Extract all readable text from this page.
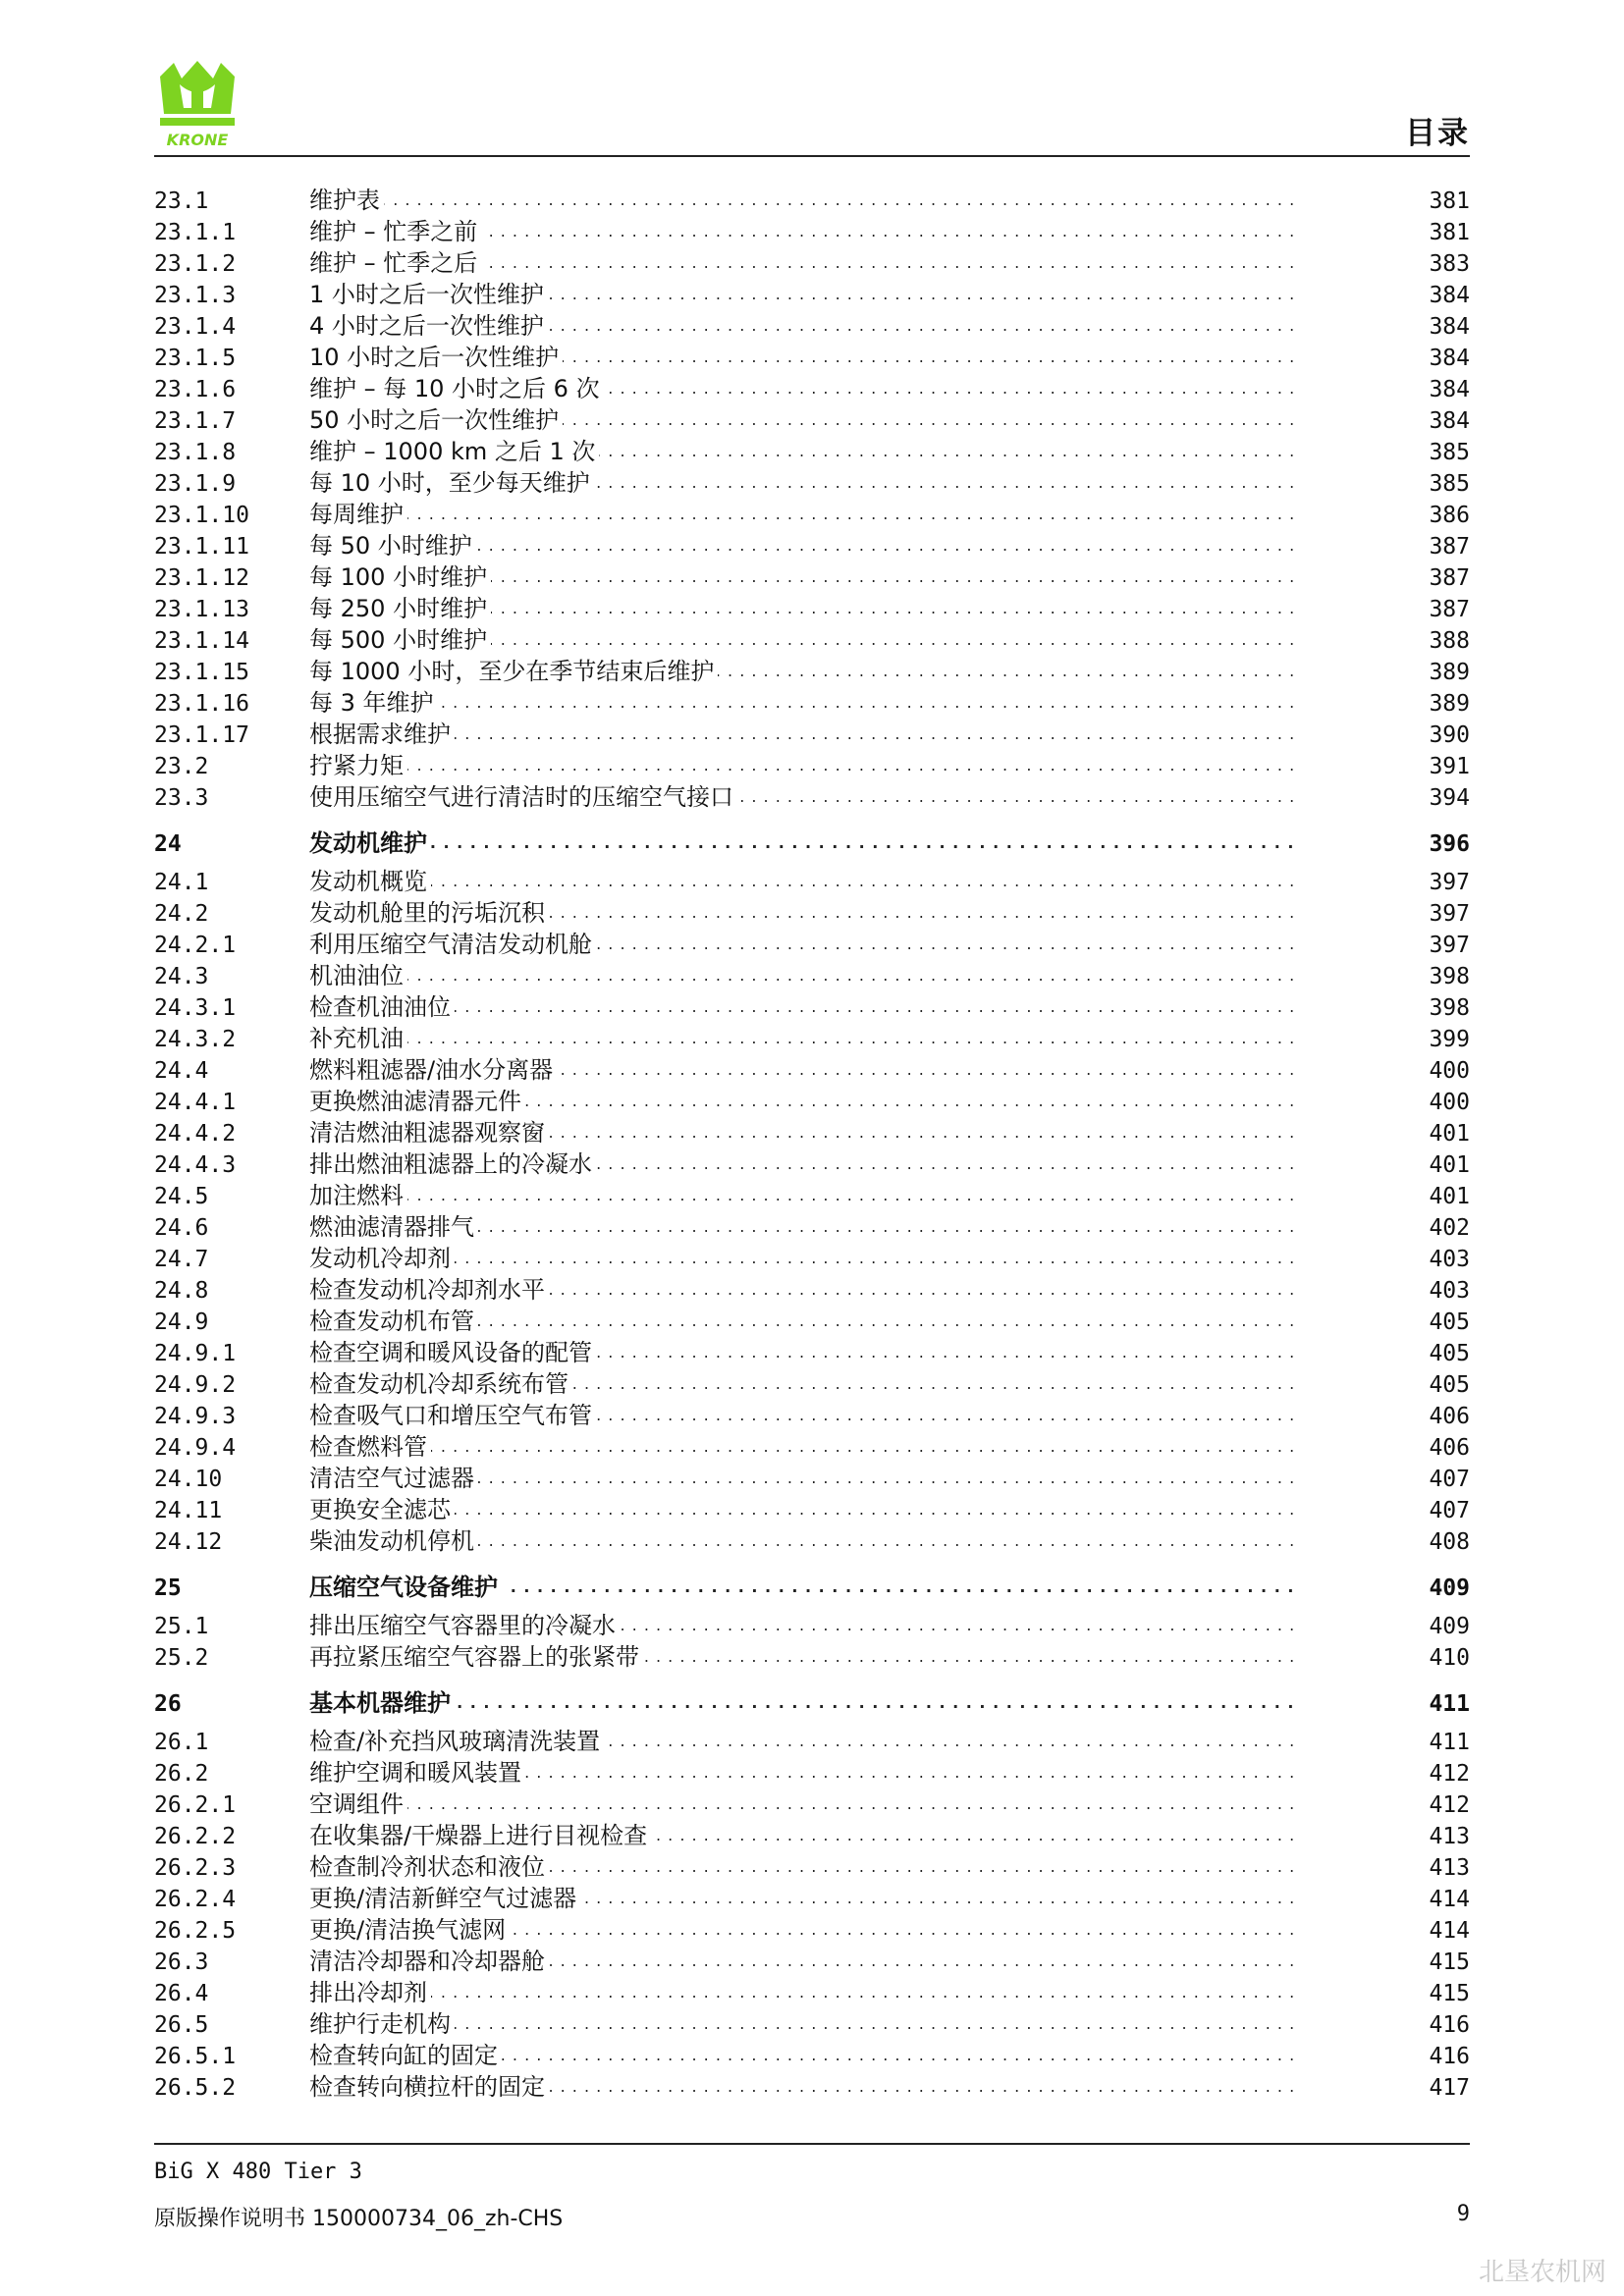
KRONE	目录
23.1	维护表 . . .	381
23.1.1	维护 – 忙季之前 . . .	381
23.1.2	维护 – 忙季之后 . . .	383
23.1.3	1 小时之后一次性维护 . . .	384
23.1.4	4 小时之后一次性维护 . . .	384
23.1.5	10 小时之后一次性维护 . . .	384
23.1.6	维护 – 每 10 小时之后 6 次 . . .	384
23.1.7	50 小时之后一次性维护 . . .	384
23.1.8	维护 – 1000 km 之后 1 次 . . .	385
23.1.9	每 10 小时，至少每天维护 . . .	385
23.1.10	每周维护 . . .	386
23.1.11	每 50 小时维护 . . .	387
23.1.12	每 100 小时维护 . . .	387
23.1.13	每 250 小时维护 . . .	387
23.1.14	每 500 小时维护 . . .	388
23.1.15	每 1000 小时，至少在季节结束后维护 . . .	389
23.1.16	每 3 年维护 . . .	389
23.1.17	根据需求维护 . . .	390
23.2	拧紧力矩 . . .	391
23.3	使用压缩空气进行清洁时的压缩空气接口 . . .	394
24	发动机维护 . . .	396
24.1	发动机概览 . . .	397
24.2	发动机舱里的污垢沉积 . . .	397
24.2.1	利用压缩空气清洁发动机舱 . . .	397
24.3	机油油位 . . .	398
24.3.1	检查机油油位 . . .	398
24.3.2	补充机油 . . .	399
24.4	燃料粗滤器/油水分离器 . . .	400
24.4.1	更换燃油滤清器元件 . . .	400
24.4.2	清洁燃油粗滤器观察窗 . . .	401
24.4.3	排出燃油粗滤器上的冷凝水 . . .	401
24.5	加注燃料 . . .	401
24.6	燃油滤清器排气 . . .	402
24.7	发动机冷却剂 . . .	403
24.8	检查发动机冷却剂水平 . . .	403
24.9	检查发动机布管 . . .	405
24.9.1	检查空调和暖风设备的配管 . . .	405
24.9.2	检查发动机冷却系统布管 . . .	405
24.9.3	检查吸气口和增压空气布管 . . .	406
24.9.4	检查燃料管 . . .	406
24.10	清洁空气过滤器 . . .	407
24.11	更换安全滤芯 . . .	407
24.12	柴油发动机停机 . . .	408
25	压缩空气设备维护 . . .	409
25.1	排出压缩空气容器里的冷凝水 . . .	409
25.2	再拉紧压缩空气容器上的张紧带 . . .	410
26	基本机器维护 . . .	411
26.1	检查/补充挡风玻璃清洗装置 . . .	411
26.2	维护空调和暖风装置 . . .	412
26.2.1	空调组件 . . .	412
26.2.2	在收集器/干燥器上进行目视检查 . . .	413
26.2.3	检查制冷剂状态和液位 . . .	413
26.2.4	更换/清洁新鲜空气过滤器 . . .	414
26.2.5	更换/清洁换气滤网 . . .	414
26.3	清洁冷却器和冷却器舱 . . .	415
26.4	排出冷却剂 . . .	415
26.5	维护行走机构 . . .	416
26.5.1	检查转向缸的固定 . . .	416
26.5.2	检查转向横拉杆的固定 . . .	417
BiG X 480 Tier 3
原版操作说明书 150000734_06_zh-CHS	9
北垦农机网
